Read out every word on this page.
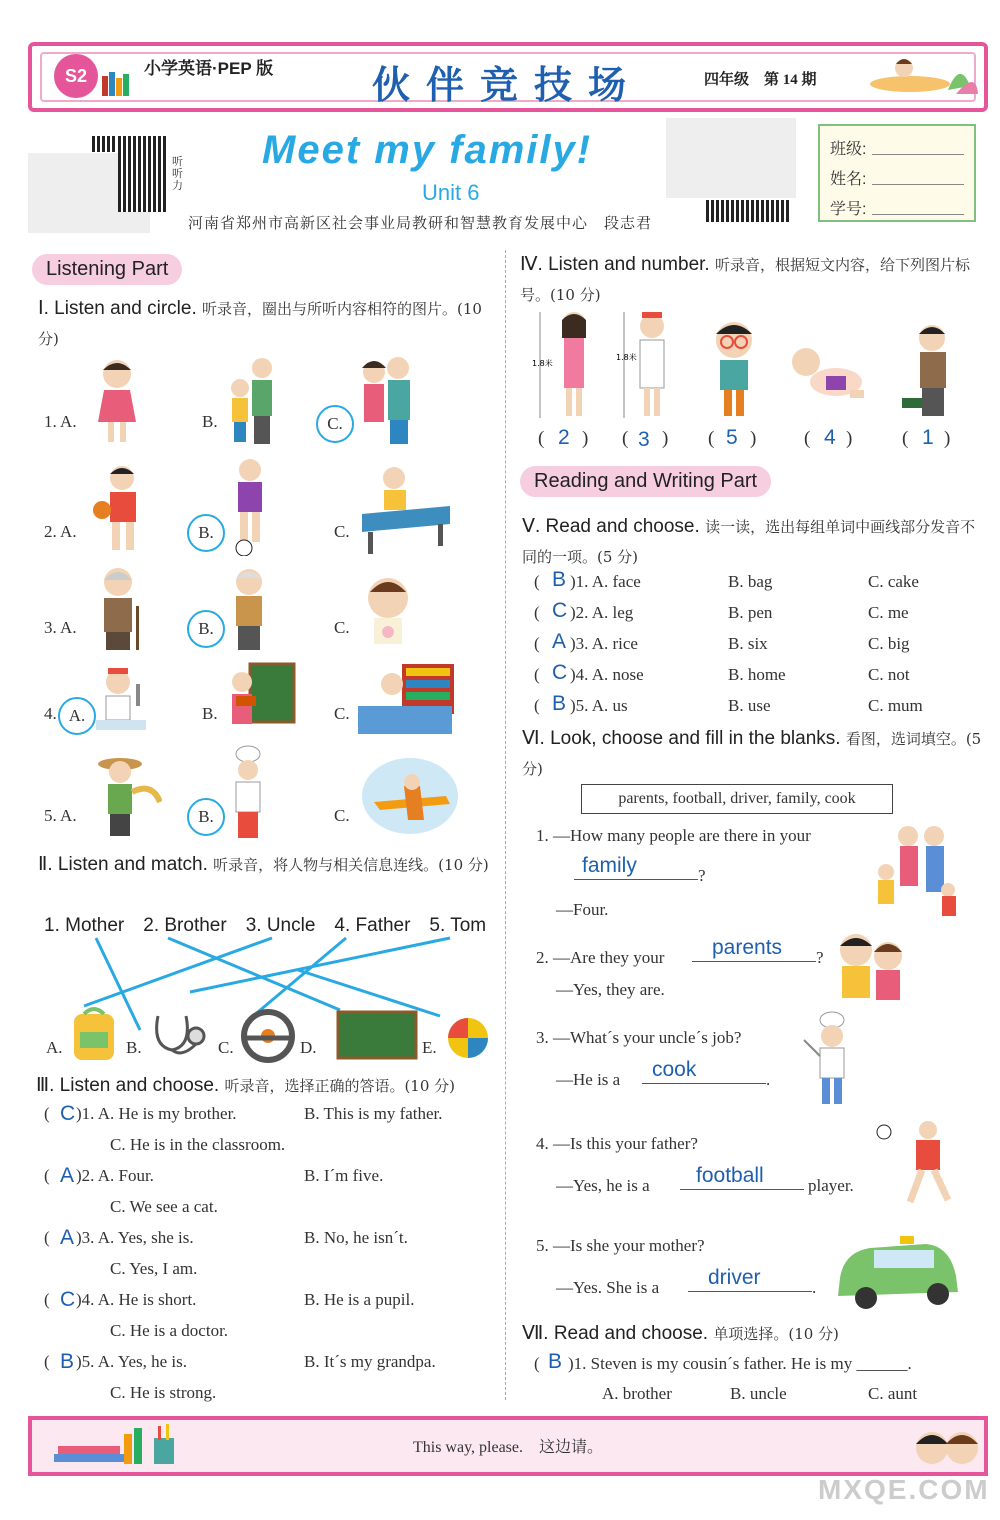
S2	小学英语·PEP 版	伙伴竞技场	四年级　第 14 期
听听力
Meet my family!
Unit 6
河南省郑州市高新区社会事业局教研和智慧教育发展中心　段志君
班级:
姓名:
学号:
Listening Part
Ⅰ. Listen and circle. 听录音，圈出与所听内容相符的图片。(10 分)
1. A.	B.	C.
2. A.	B.	C.
3. A.	B.	C.
4. A.	B.	C.
5. A.	B.	C.
Ⅱ. Listen and match. 听录音，将人物与相关信息连线。(10 分)
1. Mother　2. Brother　3. Uncle　4. Father　5. Tom
A.	B.	C.	D.	E.
Ⅲ. Listen and choose. 听录音，选择正确的答语。(10 分)
( C )1. A. He is my brother.	B. This is my father.
C. He is in the classroom.
( A )2. A. Four.	B. I´m five.
C. We see a cat.
( A )3. A. Yes, she is.	B. No, he isn´t.
C. Yes, I am.
( C )4. A. He is short.	B. He is a pupil.
C. He is a doctor.
( B )5. A. Yes, he is.	B. It´s my grandpa.
C. He is strong.
Ⅳ. Listen and number. 听录音，根据短文内容，给下列图片标号。(10 分)
1.8米
1.8米
( 2 ) ( 3 ) ( 5 )	( 4 )	( 1 )
Reading and Writing Part
Ⅴ. Read and choose. 读一读，选出每组单词中画线部分发音不同的一项。(5 分)
( B )1. A. face	B. bag	C. cake
( C )2. A. leg	B. pen	C. me
( A )3. A. rice	B. six	C. big
( C )4. A. nose	B. home	C. not
( B )5. A. us	B. use	C. mum
Ⅵ. Look, choose and fill in the blanks. 看图，选词填空。(5 分)
parents, football, driver, family, cook
1. —How many people are there in your
family	?
—Four.
2. —Are they your parents ?
—Yes, they are.
3. —What´s your uncle´s job?
—He is a cook	.
4. —Is this your father?
—Yes, he is a football	player.
5. —Is she your mother?
—Yes. She is a driver	.
Ⅶ. Read and choose. 单项选择。(10 分)
( B )1. Steven is my cousin´s father. He is my ______.
A. brother	B. uncle	C. aunt
This way, please.　这边请。
MXQE.COM
